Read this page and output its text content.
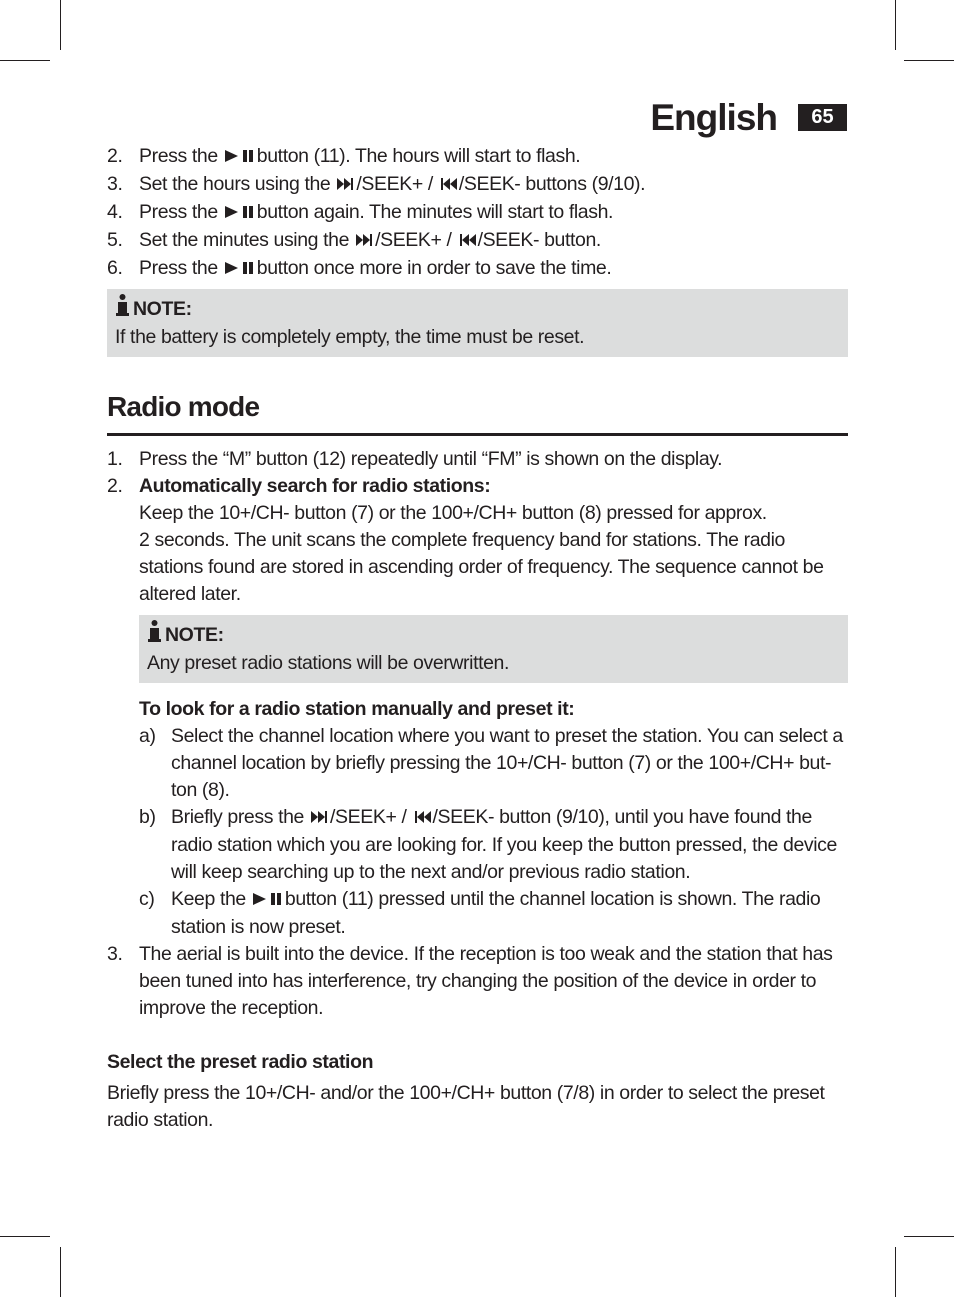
English	65
2. Press the button (11). The hours will start to flash.
3. Set the hours using the /SEEK+ / /SEEK- buttons (9/10).
4. Press the button again. The minutes will start to flash.
5. Set the minutes using the /SEEK+ / /SEEK- button.
6. Press the button once more in order to save the time.
NOTE:
If the battery is completely empty, the time must be reset.
Radio mode
1. Press the “M” button (12) repeatedly until “FM” is shown on the display.
2. Automatically search for radio stations:
Keep the 10+/CH- button (7) or the 100+/CH+ button (8) pressed for approx.
2 seconds. The unit scans the complete frequency band for stations. The radio stations found are stored in ascending order of frequency. The sequence cannot be altered later.
NOTE:
Any preset radio stations will be overwritten.
To look for a radio station manually and preset it:
a) Select the channel location where you want to preset the station. You can select a channel location by briefly pressing the 10+/CH- button (7) or the 100+/CH+ but-ton (8).
b) Briefly press the /SEEK+ / /SEEK- button (9/10), until you have found the radio station which you are looking for. If you keep the button pressed, the device will keep searching up to the next and/or previous radio station.
c) Keep the button (11) pressed until the channel location is shown. The radio station is now preset.
3. The aerial is built into the device. If the reception is too weak and the station that has been tuned into has interference, try changing the position of the device in order to improve the reception.
Select the preset radio station
Briefly press the 10+/CH- and/or the 100+/CH+ button (7/8) in order to select the preset radio station.
